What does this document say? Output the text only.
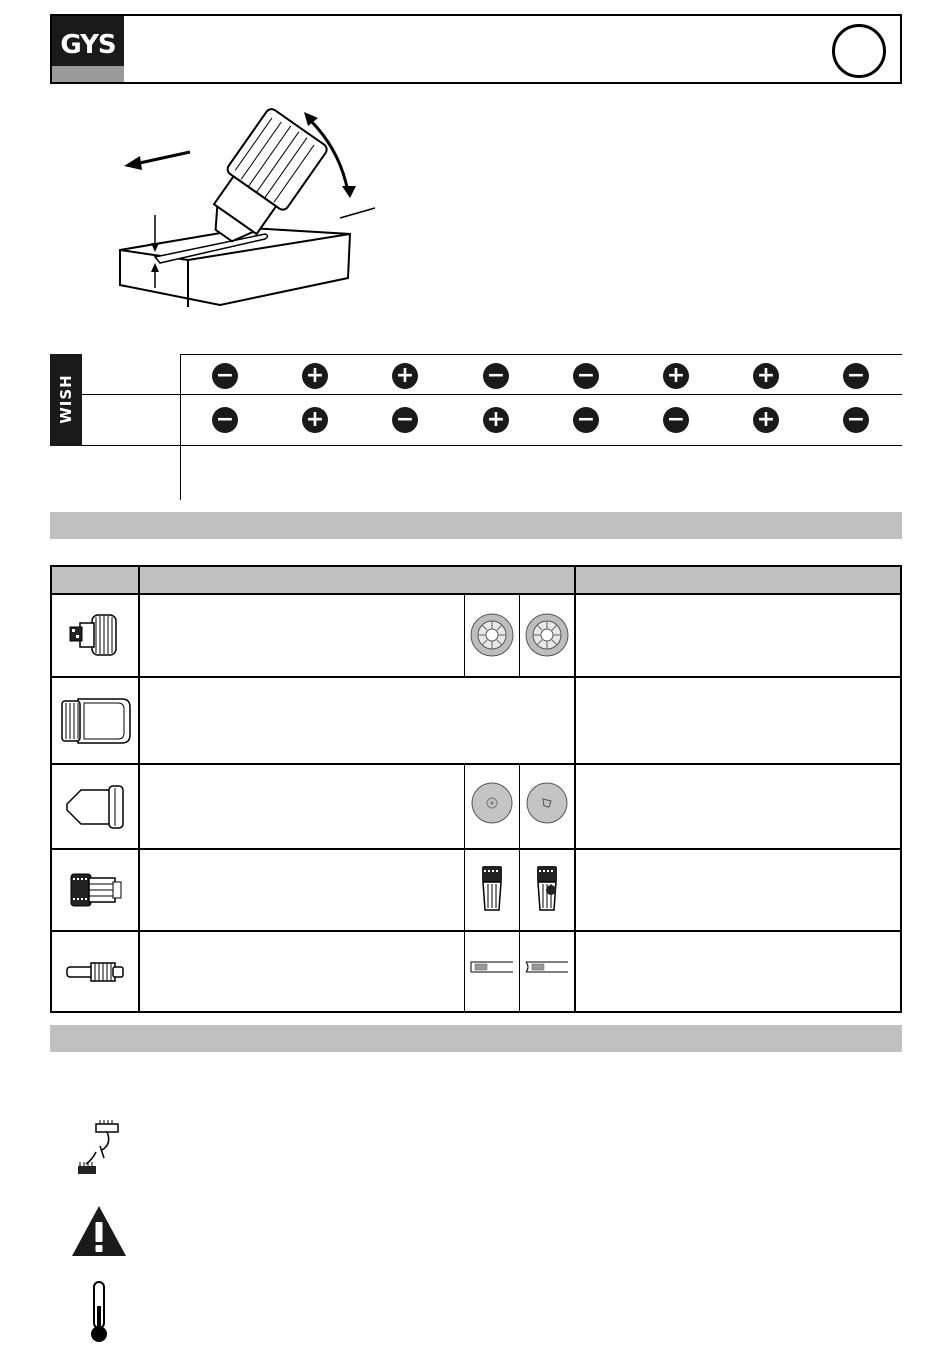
GYS
WISH	−	+	+	−	−	+	+	−
−	+	−	+	−	−	+	−
